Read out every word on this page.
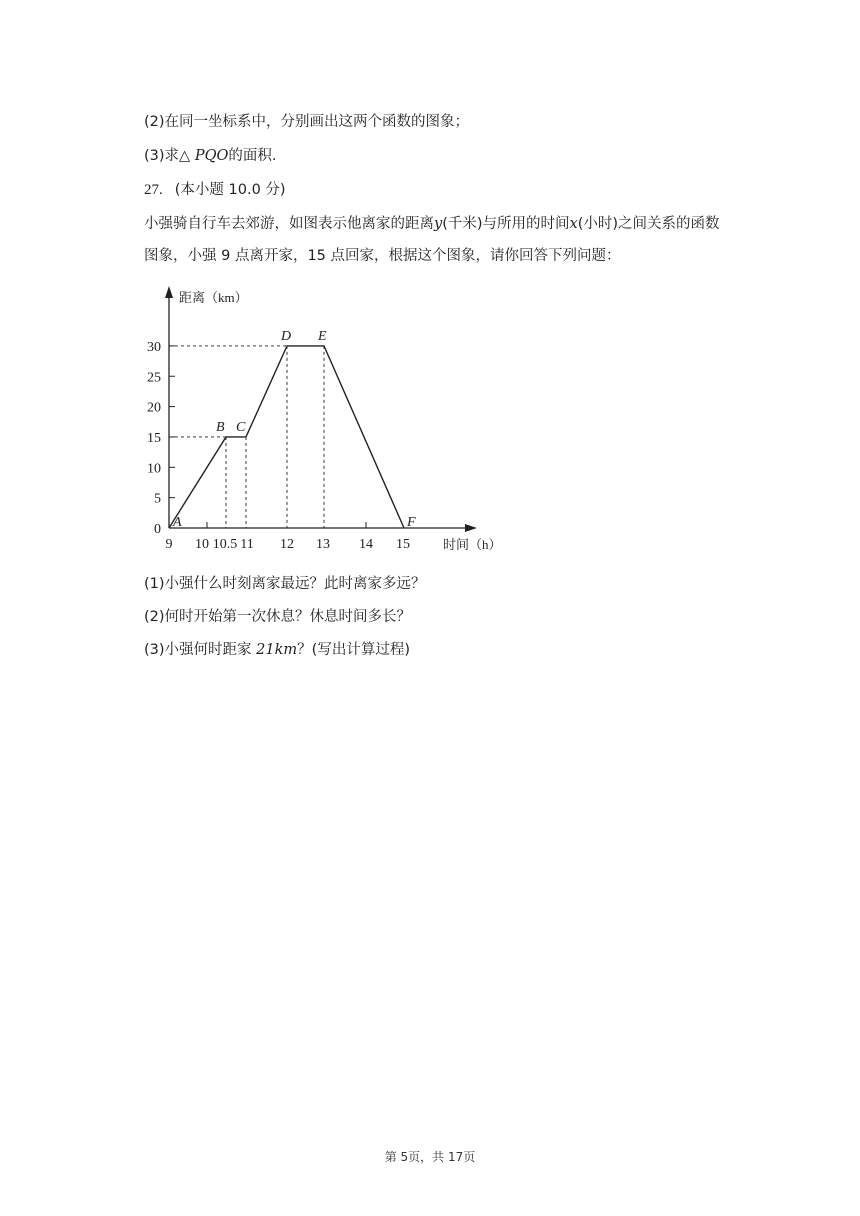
(2)在同一坐标系中，分别画出这两个函数的图象；
(3)求△ PQO的面积.
27. (本小题 10.0 分)
小强骑自行车去郊游，如图表示他离家的距离y(千米)与所用的时间x(小时)之间关系的函数
图象，小强 9 点离开家，15 点回家，根据这个图象，请你回答下列问题：
0
5
10
15
20
25
30
9 10 10.5 11 12 13 14 15
距离（km）
时间（h）
A
B C
D E
F
(1)小强什么时刻离家最远？此时离家多远？
(2)何时开始第一次休息？休息时间多长？
(3)小强何时距家 21km？(写出计算过程)
第 5页，共 17页
